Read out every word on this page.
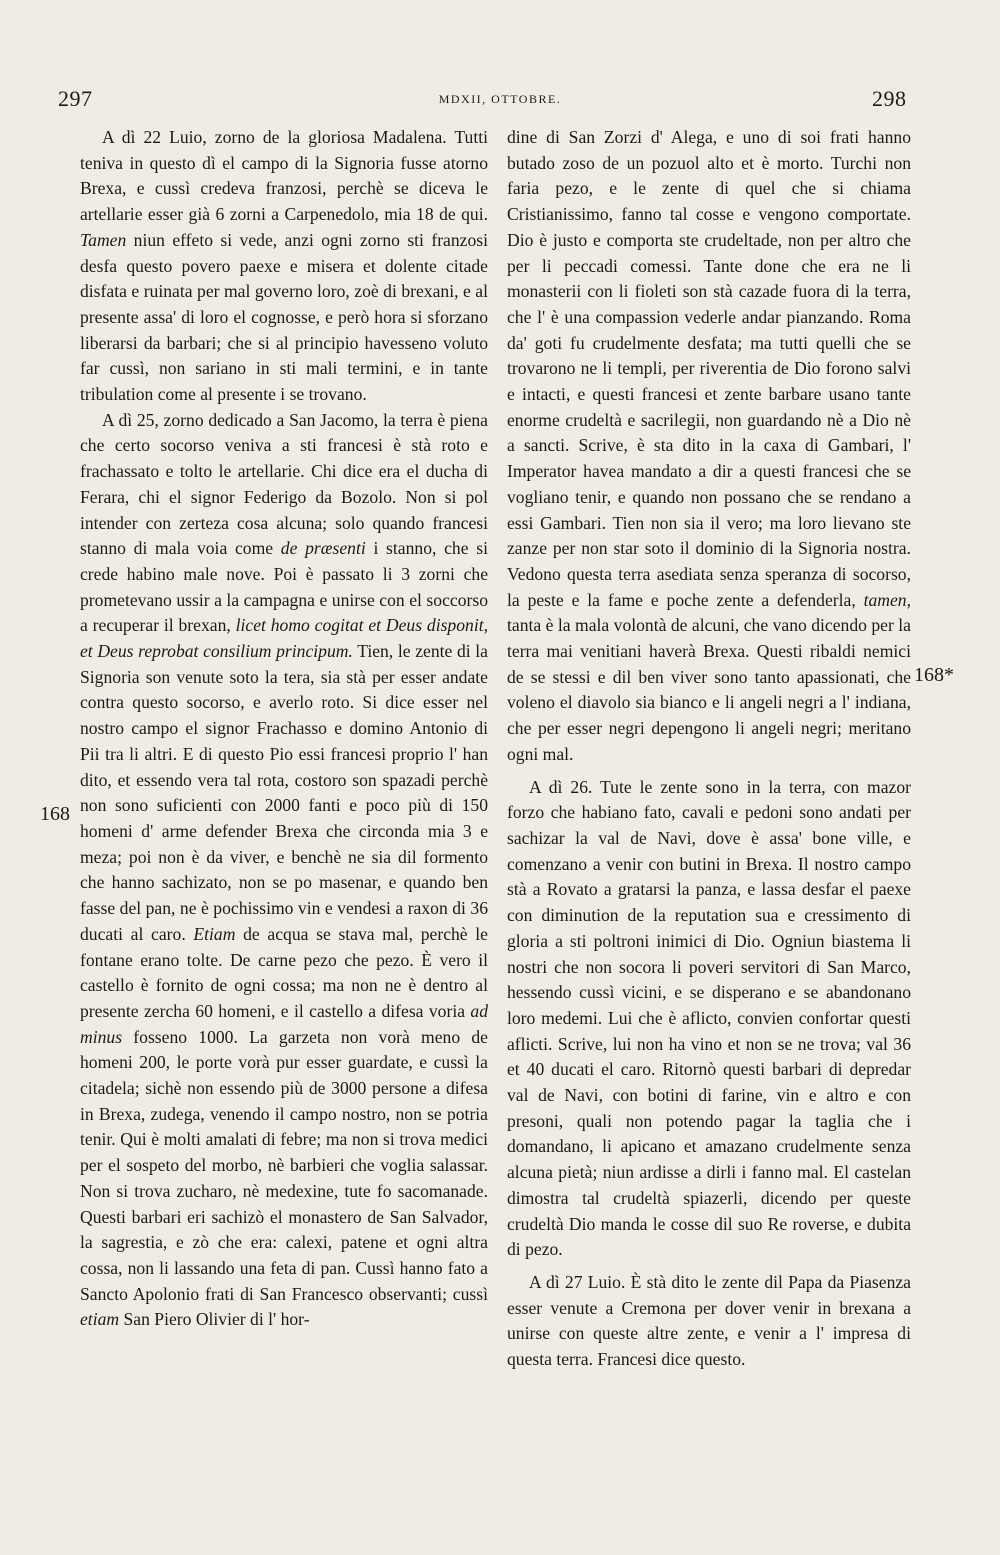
297	MDXII, OTTOBRE.	298
168
168*

A dì 22 Luio, zorno de la gloriosa Madalena. Tutti teniva in questo dì el campo di la Signoria fusse atorno Brexa, e cussì credeva franzosi, perchè se diceva le artellarie esser già 6 zorni a Carpenedolo, mia 18 de qui. Tamen niun effeto si vede, anzi ogni zorno sti franzosi desfa questo povero paexe e misera et dolente citade disfata e ruinata per mal governo loro, zoè di brexani, e al presente assa' di loro el cognosse, e però hora si sforzano liberarsi da barbari; che si al principio havesseno voluto far cussì, non sariano in sti mali termini, e in tante tribulation come al presente i se trovano.

A dì 25, zorno dedicado a San Jacomo, la terra è piena che certo socorso veniva a sti francesi è stà roto e frachassato e tolto le artellarie. Chi dice era el ducha di Ferara, chi el signor Federigo da Bozolo. Non si pol intender con zerteza cosa alcuna; solo quando francesi stanno di mala voia come de præsenti i stanno, che si crede habino male nove. Poi è passato li 3 zorni che prometevano ussir a la campagna e unirse con el soccorso a recuperar il brexan, licet homo cogitat et Deus disponit, et Deus reprobat consilium principum. Tien, le zente di la Signoria son venute soto la tera, sia stà per esser andate contra questo socorso, e averlo roto. Si dice esser nel nostro campo el signor Frachasso e domino Antonio di Pii tra li altri. E di questo Pio essi francesi proprio l' han dito, et essendo vera tal rota, costoro son spazadi perchè non sono suficienti con 2000 fanti e poco più di 150 homeni d' arme defender Brexa che circonda mia 3 e meza; poi non è da viver, e benchè ne sia dil formento che hanno sachizato, non se po masenar, e quando ben fasse del pan, ne è pochissimo vin e vendesi a raxon di 36 ducati al caro. Etiam de acqua se stava mal, perchè le fontane erano tolte. De carne pezo che pezo. È vero il castello è fornito de ogni cossa; ma non ne è dentro al presente zercha 60 homeni, e il castello a difesa voria ad minus fosseno 1000. La garzeta non vorà meno de homeni 200, le porte vorà pur esser guardate, e cussì la citadela; sichè non essendo più de 3000 persone a difesa in Brexa, zudega, venendo il campo nostro, non se potria tenir. Qui è molti amalati di febre; ma non si trova medici per el sospeto del morbo, nè barbieri che voglia salassar. Non si trova zucharo, nè medexine, tute fo sacomanade. Questi barbari eri sachizò el monastero de San Salvador, la sagrestia, e zò che era: calexi, patene et ogni altra cossa, non li lassando una feta di pan. Cussì hanno fato a Sancto Apolonio frati di San Francesco observanti; cussì etiam San Piero Olivier di l' hor-

dine di San Zorzi d' Alega, e uno di soi frati hanno butado zoso de un pozuol alto et è morto. Turchi non faria pezo, e le zente di quel che si chiama Cristianissimo, fanno tal cosse e vengono comportate. Dio è justo e comporta ste crudeltade, non per altro che per li peccadi comessi. Tante done che era ne li monasterii con li fioleti son stà cazade fuora di la terra, che l' è una compassion vederle andar pianzando. Roma da' goti fu crudelmente desfata; ma tutti quelli che se trovarono ne li templi, per riverentia de Dio forono salvi e intacti, e questi francesi et zente barbare usano tante enorme crudeltà e sacrilegii, non guardando nè a Dio nè a sancti. Scrive, è sta dito in la caxa di Gambari, l' Imperator havea mandato a dir a questi francesi che se vogliano tenir, e quando non possano che se rendano a essi Gambari. Tien non sia il vero; ma loro lievano ste zanze per non star soto il dominio di la Signoria nostra. Vedono questa terra asediata senza speranza di socorso, la peste e la fame e poche zente a defenderla, tamen, tanta è la mala volontà de alcuni, che vano dicendo per la terra mai venitiani haverà Brexa. Questi ribaldi nemici de se stessi e dil ben viver sono tanto apassionati, che voleno el diavolo sia bianco e li angeli negri a l' indiana, che per esser negri depengono li angeli negri; meritano ogni mal.

A dì 26. Tute le zente sono in la terra, con mazor forzo che habiano fato, cavali e pedoni sono andati per sachizar la val de Navi, dove è assa' bone ville, e comenzano a venir con butini in Brexa. Il nostro campo stà a Rovato a gratarsi la panza, e lassa desfar el paexe con diminution de la reputation sua e cressimento di gloria a sti poltroni inimici di Dio. Ogniun biastema li nostri che non socora li poveri servitori di San Marco, hessendo cussì vicini, e se disperano e se abandonano loro medemi. Lui che è aflicto, convien confortar questi aflicti. Scrive, lui non ha vino et non se ne trova; val 36 et 40 ducati el caro. Ritornò questi barbari di depredar val de Navi, con botini di farine, vin e altro e con presoni, quali non potendo pagar la taglia che i domandano, li apicano et amazano crudelmente senza alcuna pietà; niun ardisse a dirli i fanno mal. El castelan dimostra tal crudeltà spiazerli, dicendo per queste crudeltà Dio manda le cosse dil suo Re roverse, e dubita di pezo.

A dì 27 Luio. È stà dito le zente dil Papa da Piasenza esser venute a Cremona per dover venir in brexana a unirse con queste altre zente, e venir a l' impresa di questa terra. Francesi dice questo.
